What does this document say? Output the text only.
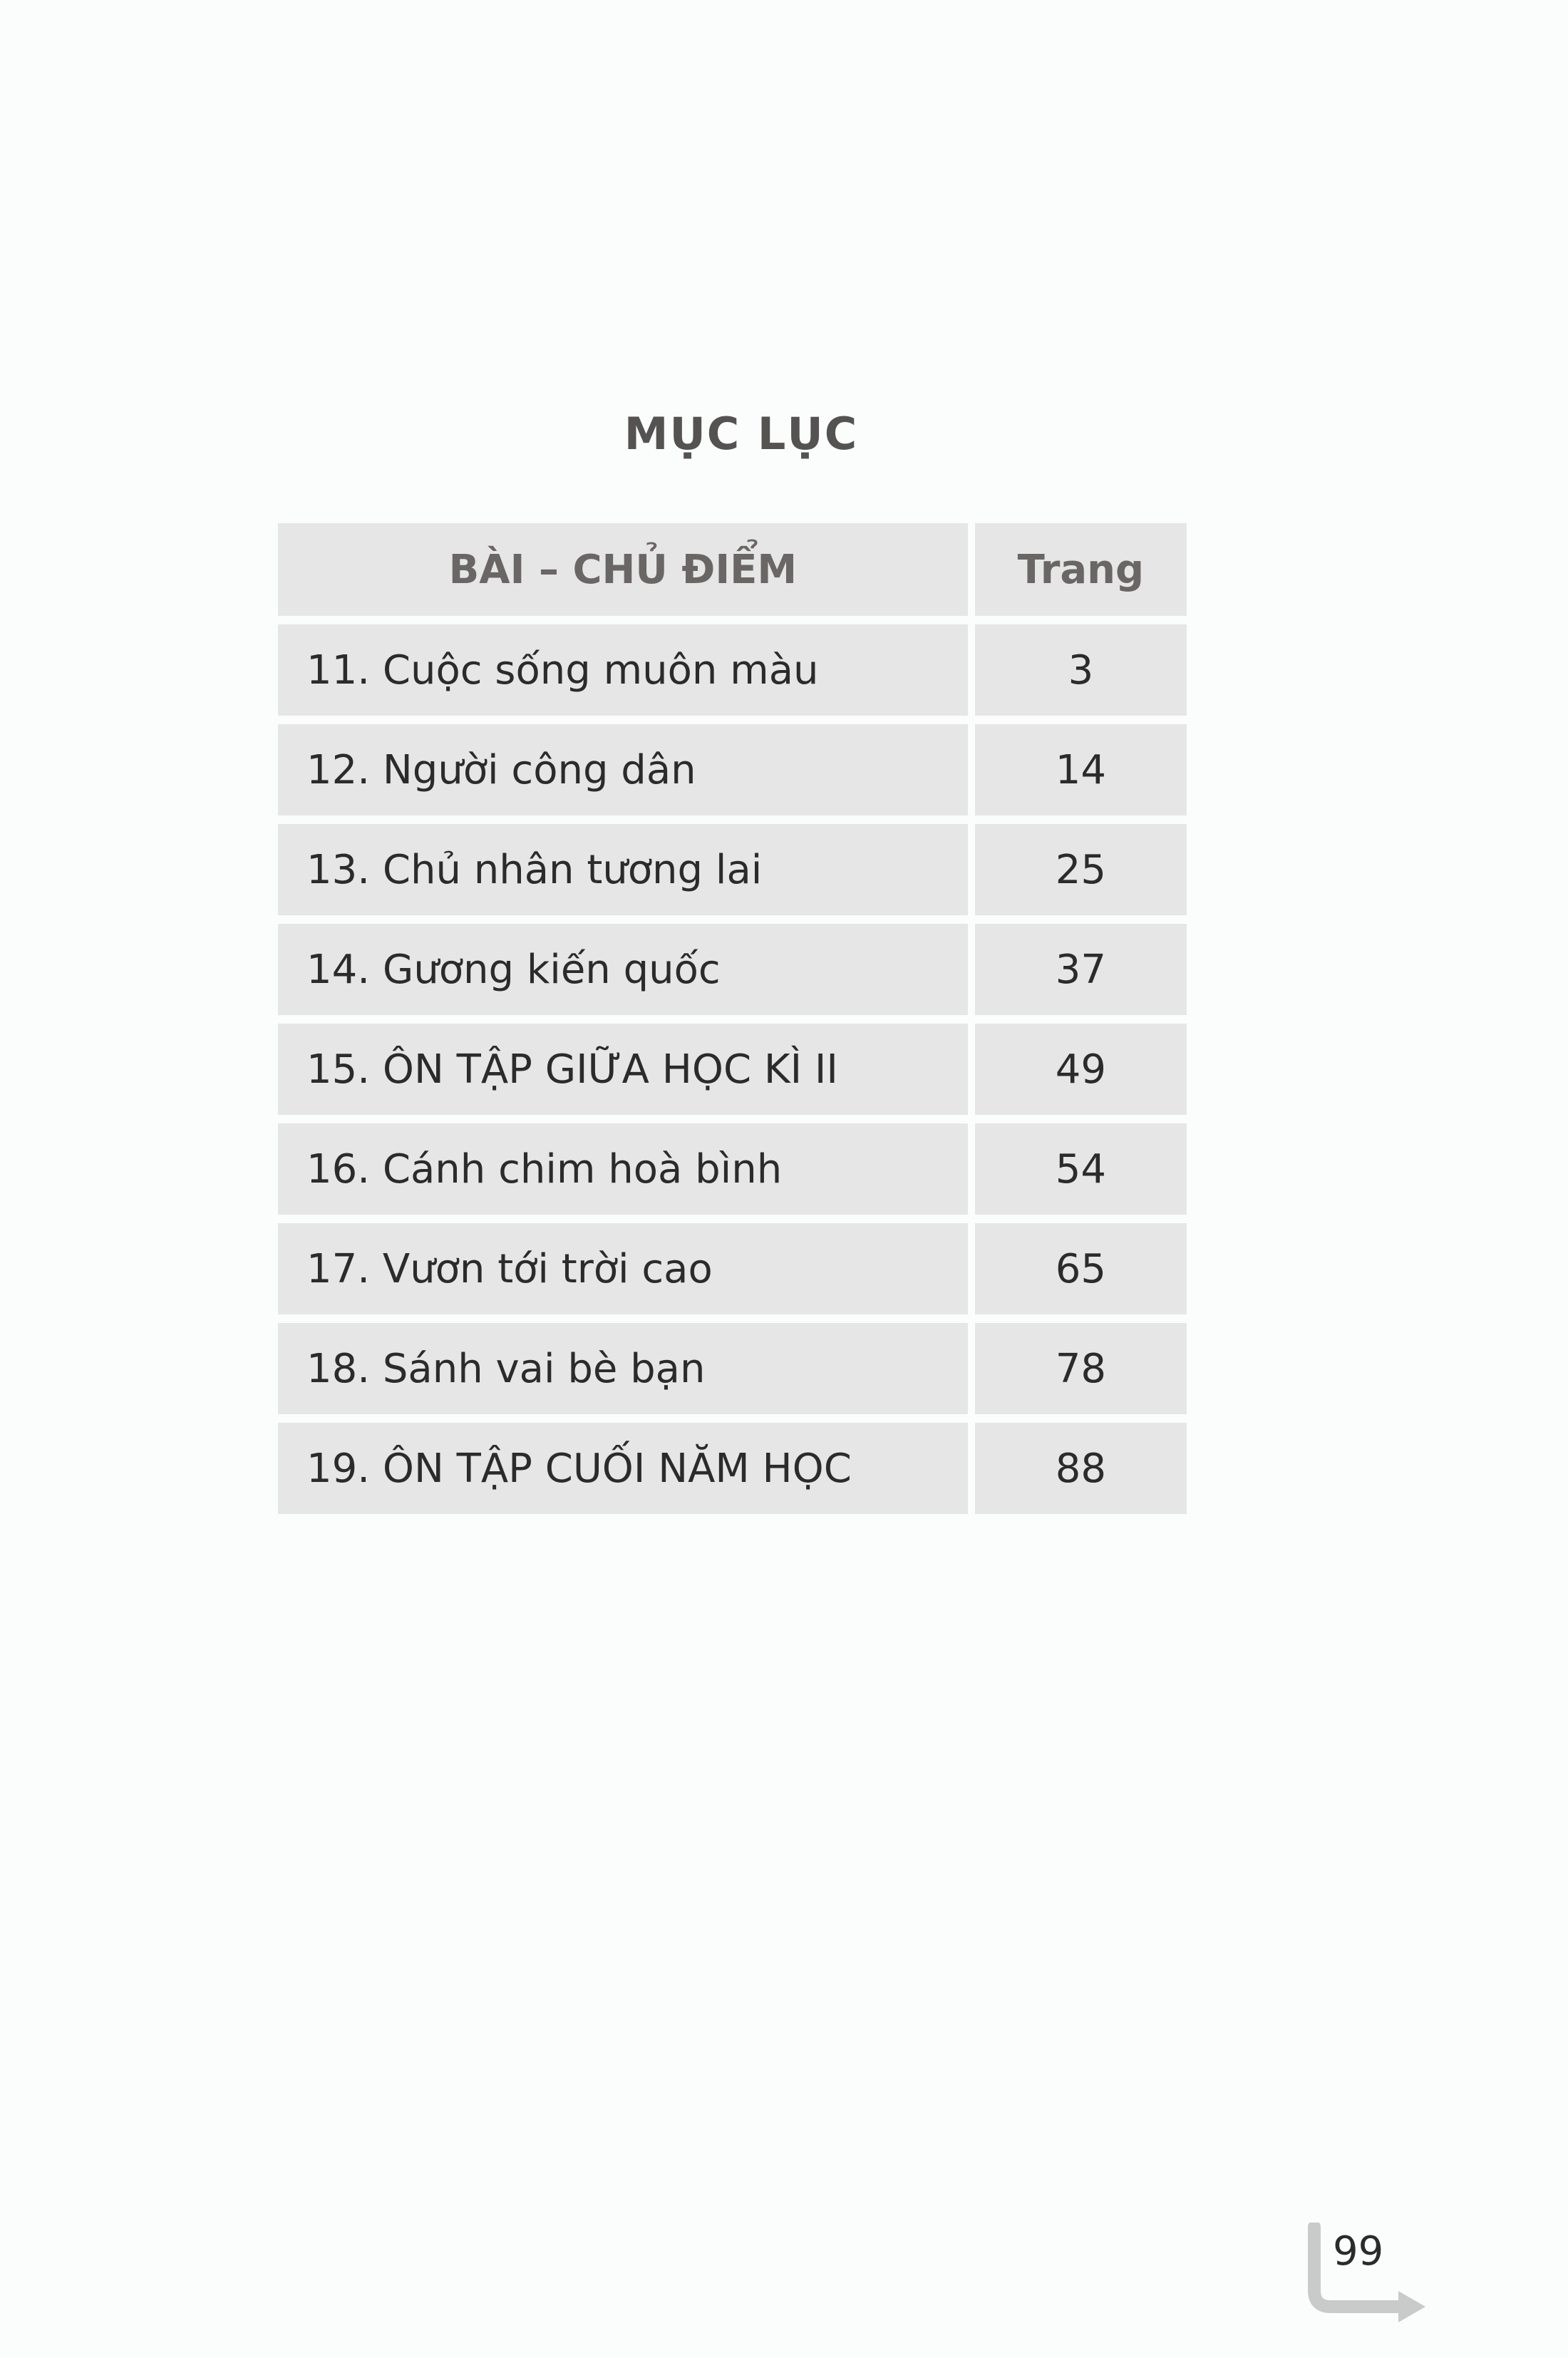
MỤC LỤC
BÀI – CHỦ ĐIỂM	Trang
11. Cuộc sống muôn màu	3
12. Người công dân	14
13. Chủ nhân tương lai	25
14. Gương kiến quốc	37
15. ÔN TẬP GIỮA HỌC KÌ II	49
16. Cánh chim hoà bình	54
17. Vươn tới trời cao	65
18. Sánh vai bè bạn	78
19. ÔN TẬP CUỐI NĂM HỌC	88
99
